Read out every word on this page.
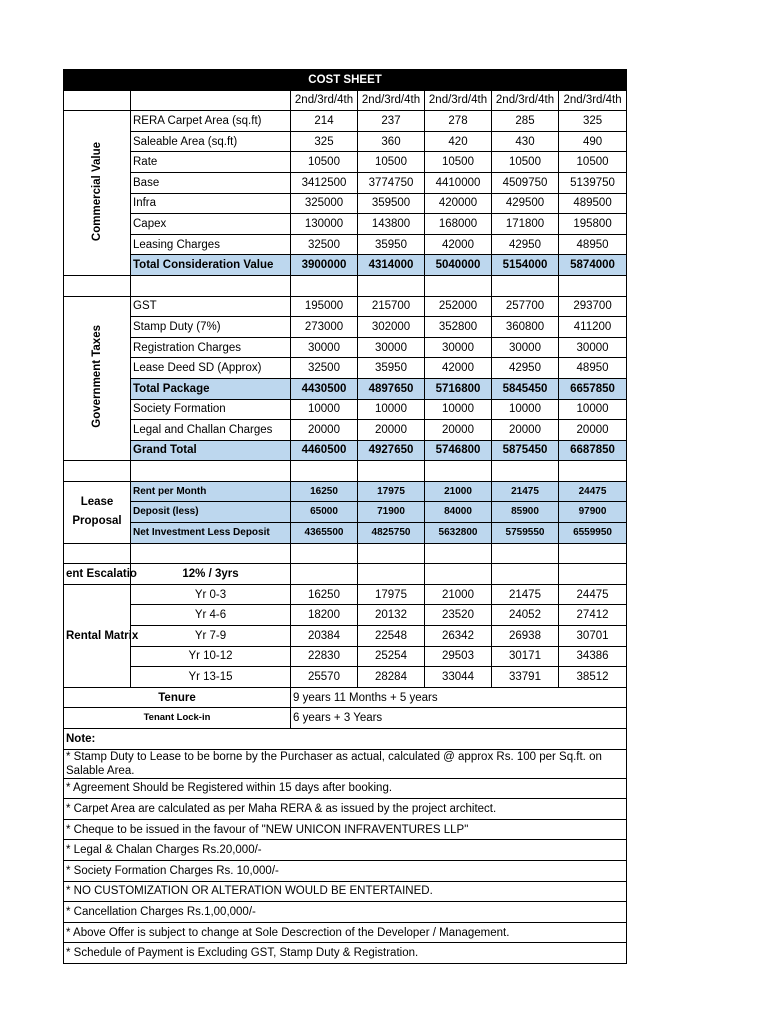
COST SHEET						
		2nd/3rd/4th	2nd/3rd/4th	2nd/3rd/4th	2nd/3rd/4th	2nd/3rd/4th
Commercial Value	RERA Carpet Area (sq.ft)	214	237	278	285	325
	Saleable Area (sq.ft)	325	360	420	430	490
	Rate	10500	10500	10500	10500	10500
	Base	3412500	3774750	4410000	4509750	5139750
	Infra	325000	359500	420000	429500	489500
	Capex	130000	143800	168000	171800	195800
	Leasing Charges	32500	35950	42000	42950	48950
	Total Consideration Value	3900000	4314000	5040000	5154000	5874000

Government Taxes	GST	195000	215700	252000	257700	293700
	Stamp Duty (7%)	273000	302000	352800	360800	411200
	Registration Charges	30000	30000	30000	30000	30000
	Lease Deed SD (Approx)	32500	35950	42000	42950	48950
	Total Package	4430500	4897650	5716800	5845450	6657850
	Society Formation	10000	10000	10000	10000	10000
	Legal and Challan Charges	20000	20000	20000	20000	20000
	Grand Total	4460500	4927650	5746800	5875450	6687850

Lease Proposal	Rent per Month	16250	17975	21000	21475	24475
	Deposit (less)	65000	71900	84000	85900	97900
	Net Investment Less Deposit	4365500	4825750	5632800	5759550	6559950

ent Escalatio	12% / 3yrs					
Rental Matrix	Yr 0-3	16250	17975	21000	21475	24475
	Yr 4-6	18200	20132	23520	24052	27412
	Yr 7-9	20384	22548	26342	26938	30701
	Yr 10-12	22830	25254	29503	30171	34386
	Yr 13-15	25570	28284	33044	33791	38512
Tenure		9 years 11 Months + 5 years				
Tenant Lock-in		6 years + 3 Years				
Note:						
* Stamp Duty to Lease to be borne by the Purchaser as actual, calculated @ approx Rs. 100 per Sq.ft. on Salable Area.						
* Agreement Should be Registered within 15 days after booking.						
* Carpet Area are calculated as per Maha RERA & as issued by the project architect.						
* Cheque to be issued in the favour of "NEW UNICON INFRAVENTURES LLP"						
* Legal & Chalan Charges Rs.20,000/-						
* Society Formation Charges Rs. 10,000/-						
* NO CUSTOMIZATION OR ALTERATION WOULD BE ENTERTAINED.						
* Cancellation Charges Rs.1,00,000/-						
* Above Offer is subject to change at Sole Descrection of the Developer / Management.						
* Schedule of Payment is Excluding GST, Stamp Duty & Registration.						
